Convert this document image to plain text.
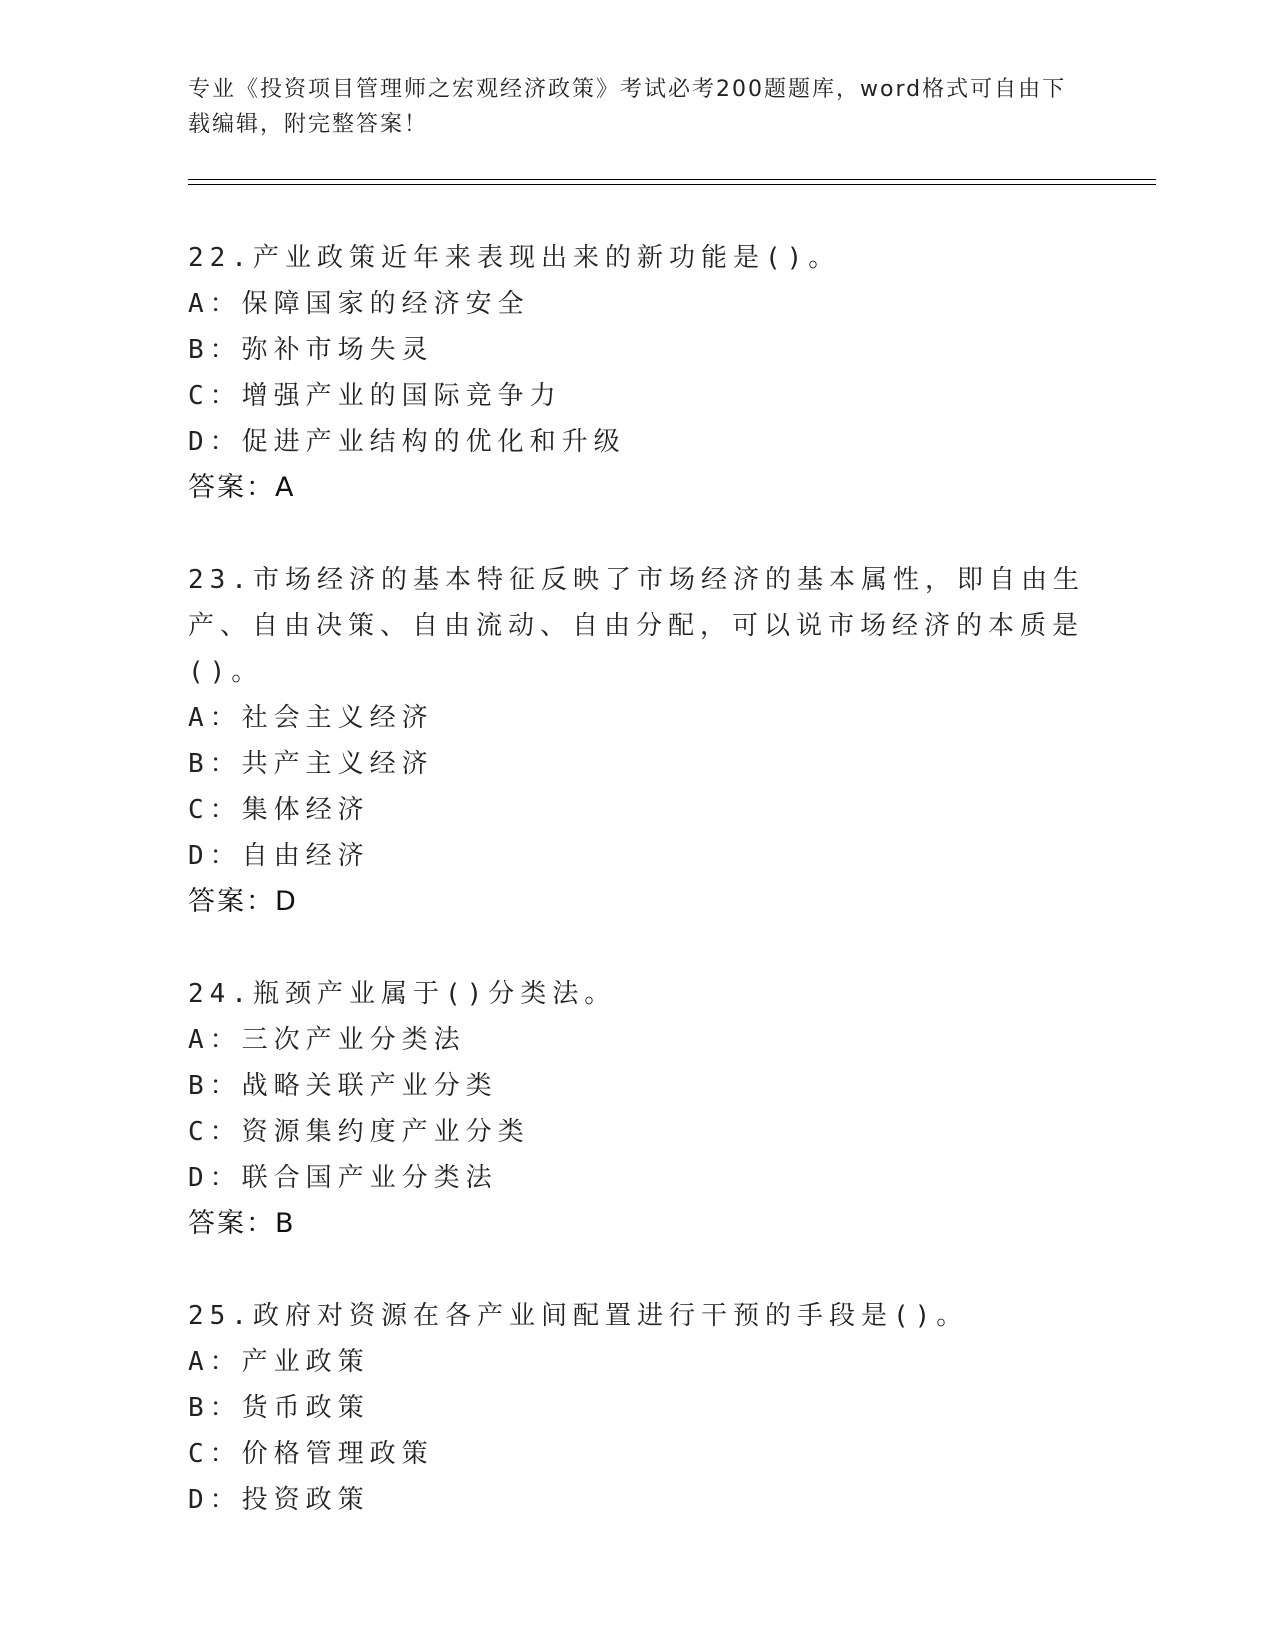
专业《投资项目管理师之宏观经济政策》考试必考200题题库，word格式可自由下载编辑，附完整答案！
22.产业政策近年来表现出来的新功能是()。
A：保障国家的经济安全
B：弥补市场失灵
C：增强产业的国际竞争力
D：促进产业结构的优化和升级
答案：A
23.市场经济的基本特征反映了市场经济的基本属性，即自由生产、自由决策、自由流动、自由分配，可以说市场经济的本质是()。
A：社会主义经济
B：共产主义经济
C：集体经济
D：自由经济
答案：D
24.瓶颈产业属于()分类法。
A：三次产业分类法
B：战略关联产业分类
C：资源集约度产业分类
D：联合国产业分类法
答案：B
25.政府对资源在各产业间配置进行干预的手段是()。
A：产业政策
B：货币政策
C：价格管理政策
D：投资政策
